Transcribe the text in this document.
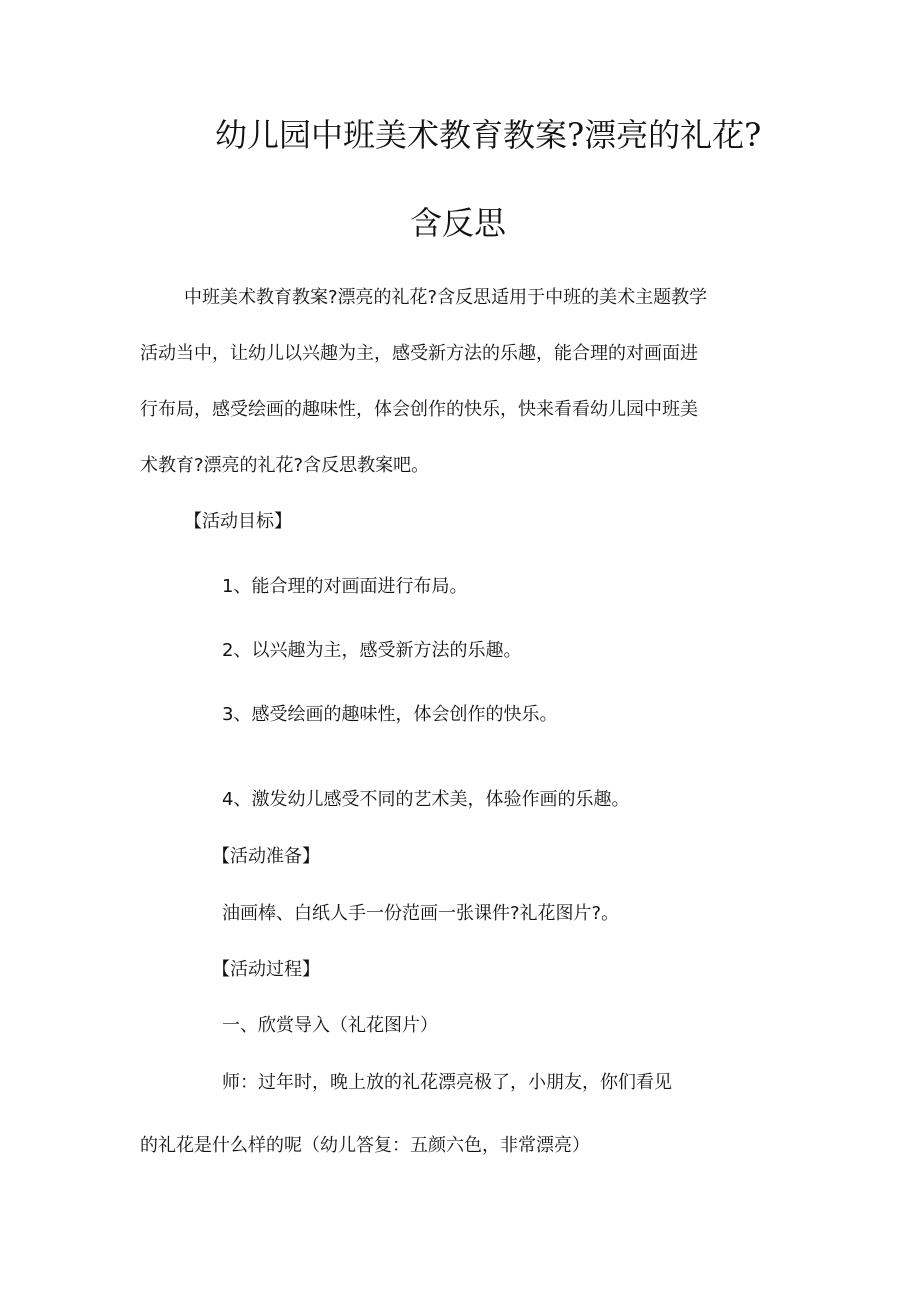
幼儿园中班美术教育教案?漂亮的礼花?
含反思
中班美术教育教案?漂亮的礼花?含反思适用于中班的美术主题教学
活动当中，让幼儿以兴趣为主，感受新方法的乐趣，能合理的对画面进
行布局，感受绘画的趣味性，体会创作的快乐，快来看看幼儿园中班美
术教育?漂亮的礼花?含反思教案吧。
【活动目标】
1、能合理的对画面进行布局。
2、以兴趣为主，感受新方法的乐趣。
3、感受绘画的趣味性，体会创作的快乐。
4、激发幼儿感受不同的艺术美，体验作画的乐趣。
【活动准备】
油画棒、白纸人手一份范画一张课件?礼花图片?。
【活动过程】
一、欣赏导入（礼花图片）
师：过年时，晚上放的礼花漂亮极了，小朋友，你们看见
的礼花是什么样的呢（幼儿答复：五颜六色，非常漂亮）
